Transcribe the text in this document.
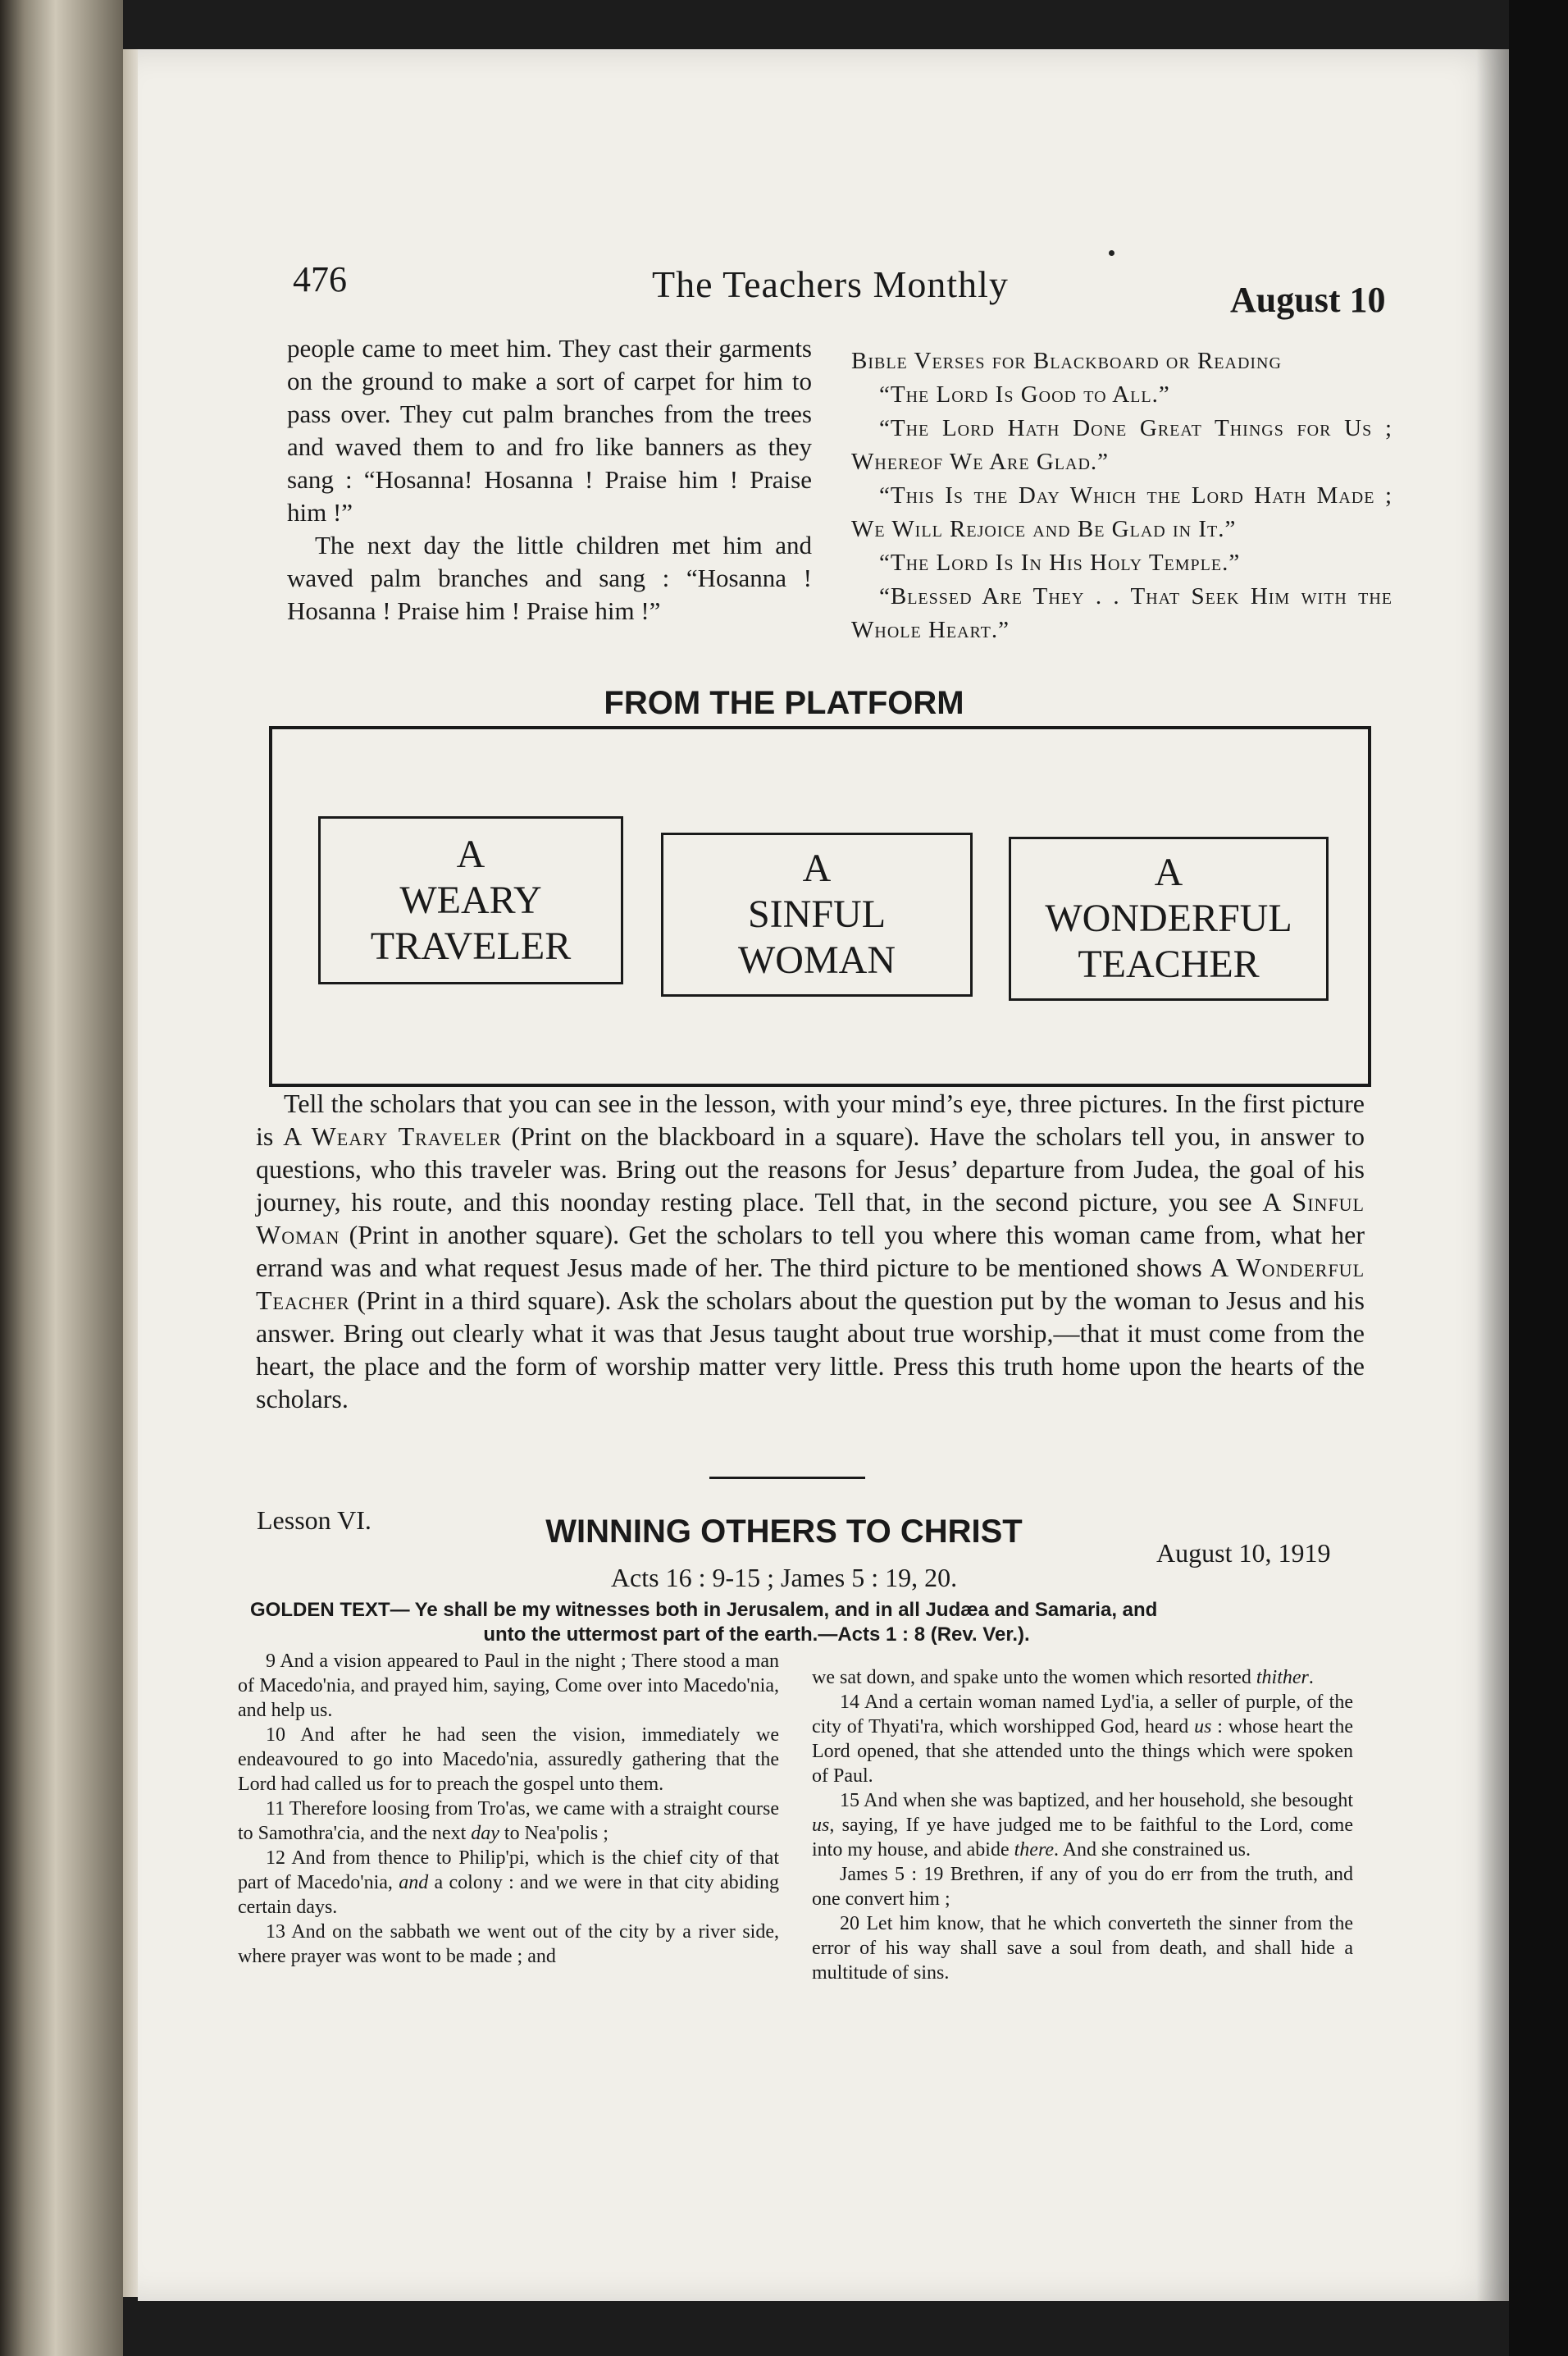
476	The Teachers Monthly	August 10

people came to meet him. They cast their garments on the ground to make a sort of carpet for him to pass over. They cut palm branches from the trees and waved them to and fro like banners as they sang : “Hosanna! Hosanna ! Praise him ! Praise him !”

The next day the little children met him and waved palm branches and sang : “Hosanna ! Hosanna ! Praise him ! Praise him !”

Bible Verses for Blackboard or Reading

“The Lord Is Good to All.”

“The Lord Hath Done Great Things for Us ; Whereof We Are Glad.”

“This Is the Day Which the Lord Hath Made ; We Will Rejoice and Be Glad in It.”

“The Lord Is In His Holy Temple.”

“Blessed Are They . . That Seek Him with the Whole Heart.”

FROM THE PLATFORM
A
WEARY
TRAVELER
A
SINFUL
WOMAN
A
WONDERFUL
TEACHER

Tell the scholars that you can see in the lesson, with your mind’s eye, three pictures. In the first picture is A Weary Traveler (Print on the blackboard in a square). Have the scholars tell you, in answer to questions, who this traveler was. Bring out the reasons for Jesus’ departure from Judea, the goal of his journey, his route, and this noonday resting place. Tell that, in the second picture, you see A Sinful Woman (Print in another square). Get the scholars to tell you where this woman came from, what her errand was and what request Jesus made of her. The third picture to be mentioned shows A Wonderful Teacher (Print in a third square). Ask the scholars about the question put by the woman to Jesus and his answer. Bring out clearly what it was that Jesus taught about true worship,—that it must come from the heart, the place and the form of worship matter very little. Press this truth home upon the hearts of the scholars.

Lesson VI.	WINNING OTHERS TO CHRIST
August 10, 1919
Acts 16 : 9-15 ; James 5 : 19, 20.
GOLDEN TEXT— Ye shall be my witnesses both in Jerusalem, and in all Judæa and Samaria, and
unto the uttermost part of the earth.—Acts 1 : 8 (Rev. Ver.).

9 And a vision appeared to Paul in the night ; There stood a man of Macedo'nia, and prayed him, saying, Come over into Macedo'nia, and help us.

10 And after he had seen the vision, immediately we endeavoured to go into Macedo'nia, assuredly gathering that the Lord had called us for to preach the gospel unto them.

11 Therefore loosing from Tro'as, we came with a straight course to Samothra'cia, and the next day to Nea'polis ;

12 And from thence to Philip'pi, which is the chief city of that part of Macedo'nia, and a colony : and we were in that city abiding certain days.

13 And on the sabbath we went out of the city by a river side, where prayer was wont to be made ; and

we sat down, and spake unto the women which resorted thither.

14 And a certain woman named Lyd'ia, a seller of purple, of the city of Thyati'ra, which worshipped God, heard us : whose heart the Lord opened, that she attended unto the things which were spoken of Paul.

15 And when she was baptized, and her household, she besought us, saying, If ye have judged me to be faithful to the Lord, come into my house, and abide there. And she constrained us.

James 5 : 19 Brethren, if any of you do err from the truth, and one convert him ;

20 Let him know, that he which converteth the sinner from the error of his way shall save a soul from death, and shall hide a multitude of sins.
